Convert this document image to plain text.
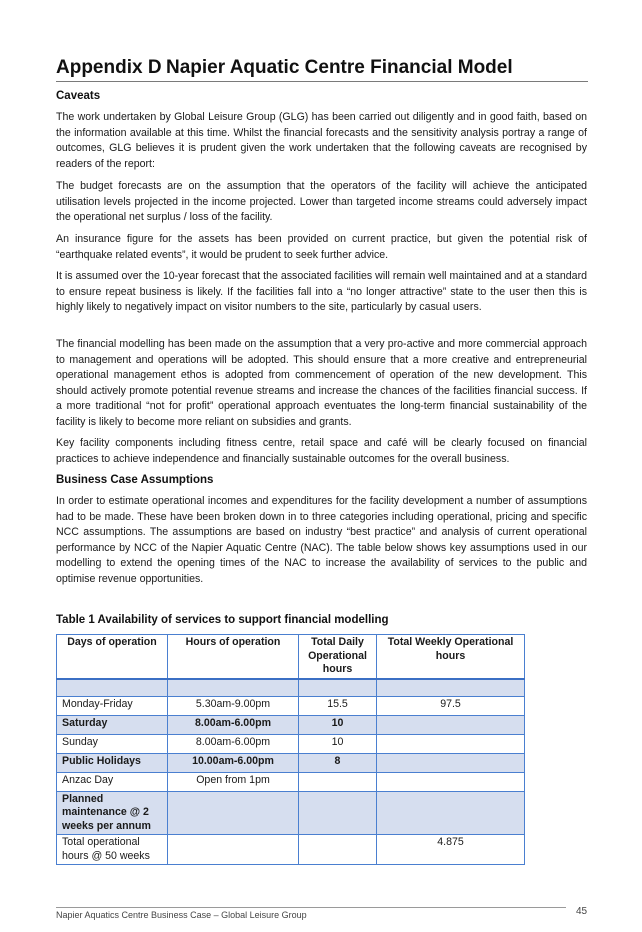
Appendix D Napier Aquatic Centre Financial Model
Caveats

The work undertaken by Global Leisure Group (GLG) has been carried out diligently and in good faith, based on the information available at this time. Whilst the financial forecasts and the sensitivity analysis portray a range of outcomes, GLG believes it is prudent given the work undertaken that the following caveats are recognised by readers of the report:

The budget forecasts are on the assumption that the operators of the facility will achieve the anticipated utilisation levels projected in the income projected. Lower than targeted income streams could adversely impact the operational net surplus / loss of the facility.

An insurance figure for the assets has been provided on current practice, but given the potential risk of “earthquake related events”, it would be prudent to seek further advice.

It is assumed over the 10-year forecast that the associated facilities will remain well maintained and at a standard to ensure repeat business is likely. If the facilities fall into a “no longer attractive” state to the user then this is highly likely to negatively impact on visitor numbers to the site, particularly by casual users.

The financial modelling has been made on the assumption that a very pro-active and more commercial approach to management and operations will be adopted. This should ensure that a more creative and entrepreneurial operational management ethos is adopted from commencement of operation of the new development. This should actively promote potential revenue streams and increase the chances of the facilities financial success. If a more traditional “not for profit” operational approach eventuates the long-term financial sustainability of the facility is likely to become more reliant on subsidies and grants.

Key facility components including fitness centre, retail space and café will be clearly focused on financial practices to achieve independence and financially sustainable outcomes for the overall business.

Business Case Assumptions

In order to estimate operational incomes and expenditures for the facility development a number of assumptions had to be made. These have been broken down in to three categories including operational, pricing and specific NCC assumptions. The assumptions are based on industry “best practice” and analysis of current operational performance by NCC of the Napier Aquatic Centre (NAC). The table below shows key assumptions used in our modelling to extend the opening times of the NAC to increase the availability of services to the public and optimise revenue opportunities.

Table 1 Availability of services to support financial modelling
Days of operation	Hours of operation	Total Daily Operational hours	Total Weekly Operational hours

Monday-Friday	5.30am-9.00pm	15.5	97.5
Saturday	8.00am-6.00pm	10	
Sunday	8.00am-6.00pm	10	
Public Holidays	10.00am-6.00pm	8	
Anzac Day	Open from 1pm		
Planned maintenance @ 2 weeks per annum			
Total operational hours @ 50 weeks			4.875
Napier Aquatics Centre Business Case – Global Leisure Group	45
